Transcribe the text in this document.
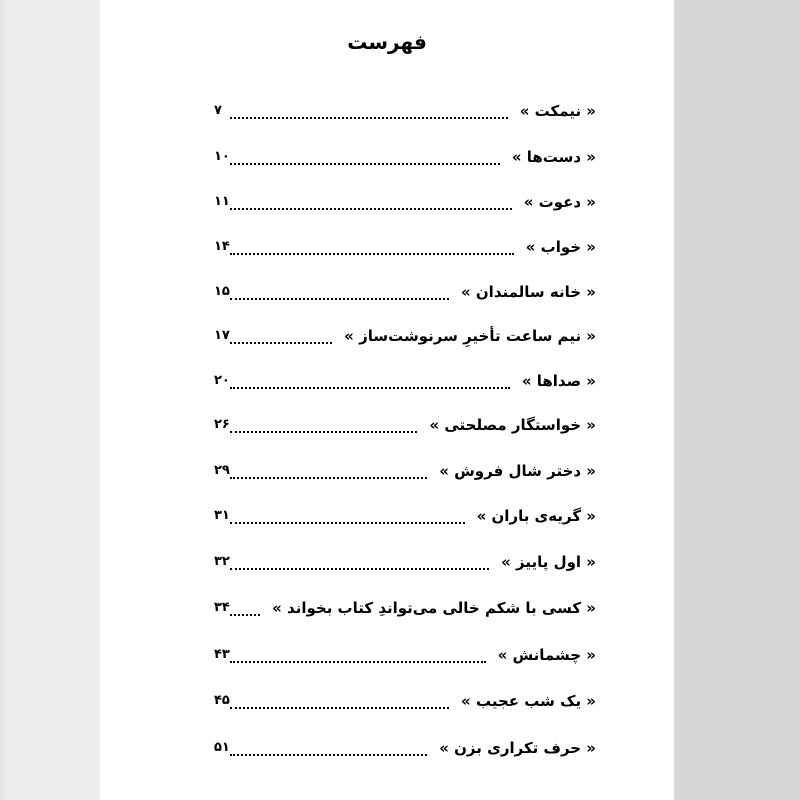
فهرست
« نیمکت »
۷
« دست‌ها »
۱۰
« دعوت »
۱۱
« خواب »
۱۴
« خانه سالمندان »
۱۵
« نیم ساعت تأخیرِ سرنوشت‌ساز »
۱۷
« صداها »
۲۰
« خواستگار مصلحتی »
۲۶
« دختر شال فروش »
۲۹
« گریه‌ی باران »
۳۱
« اول پاییز »
۳۲
« کسی با شکم خالی می‌تواندِ کتاب بخواند »
۳۴
« چشمانش »
۴۳
« یک شب عجیب »
۴۵
« حرف تکراری بزن »
۵۱
